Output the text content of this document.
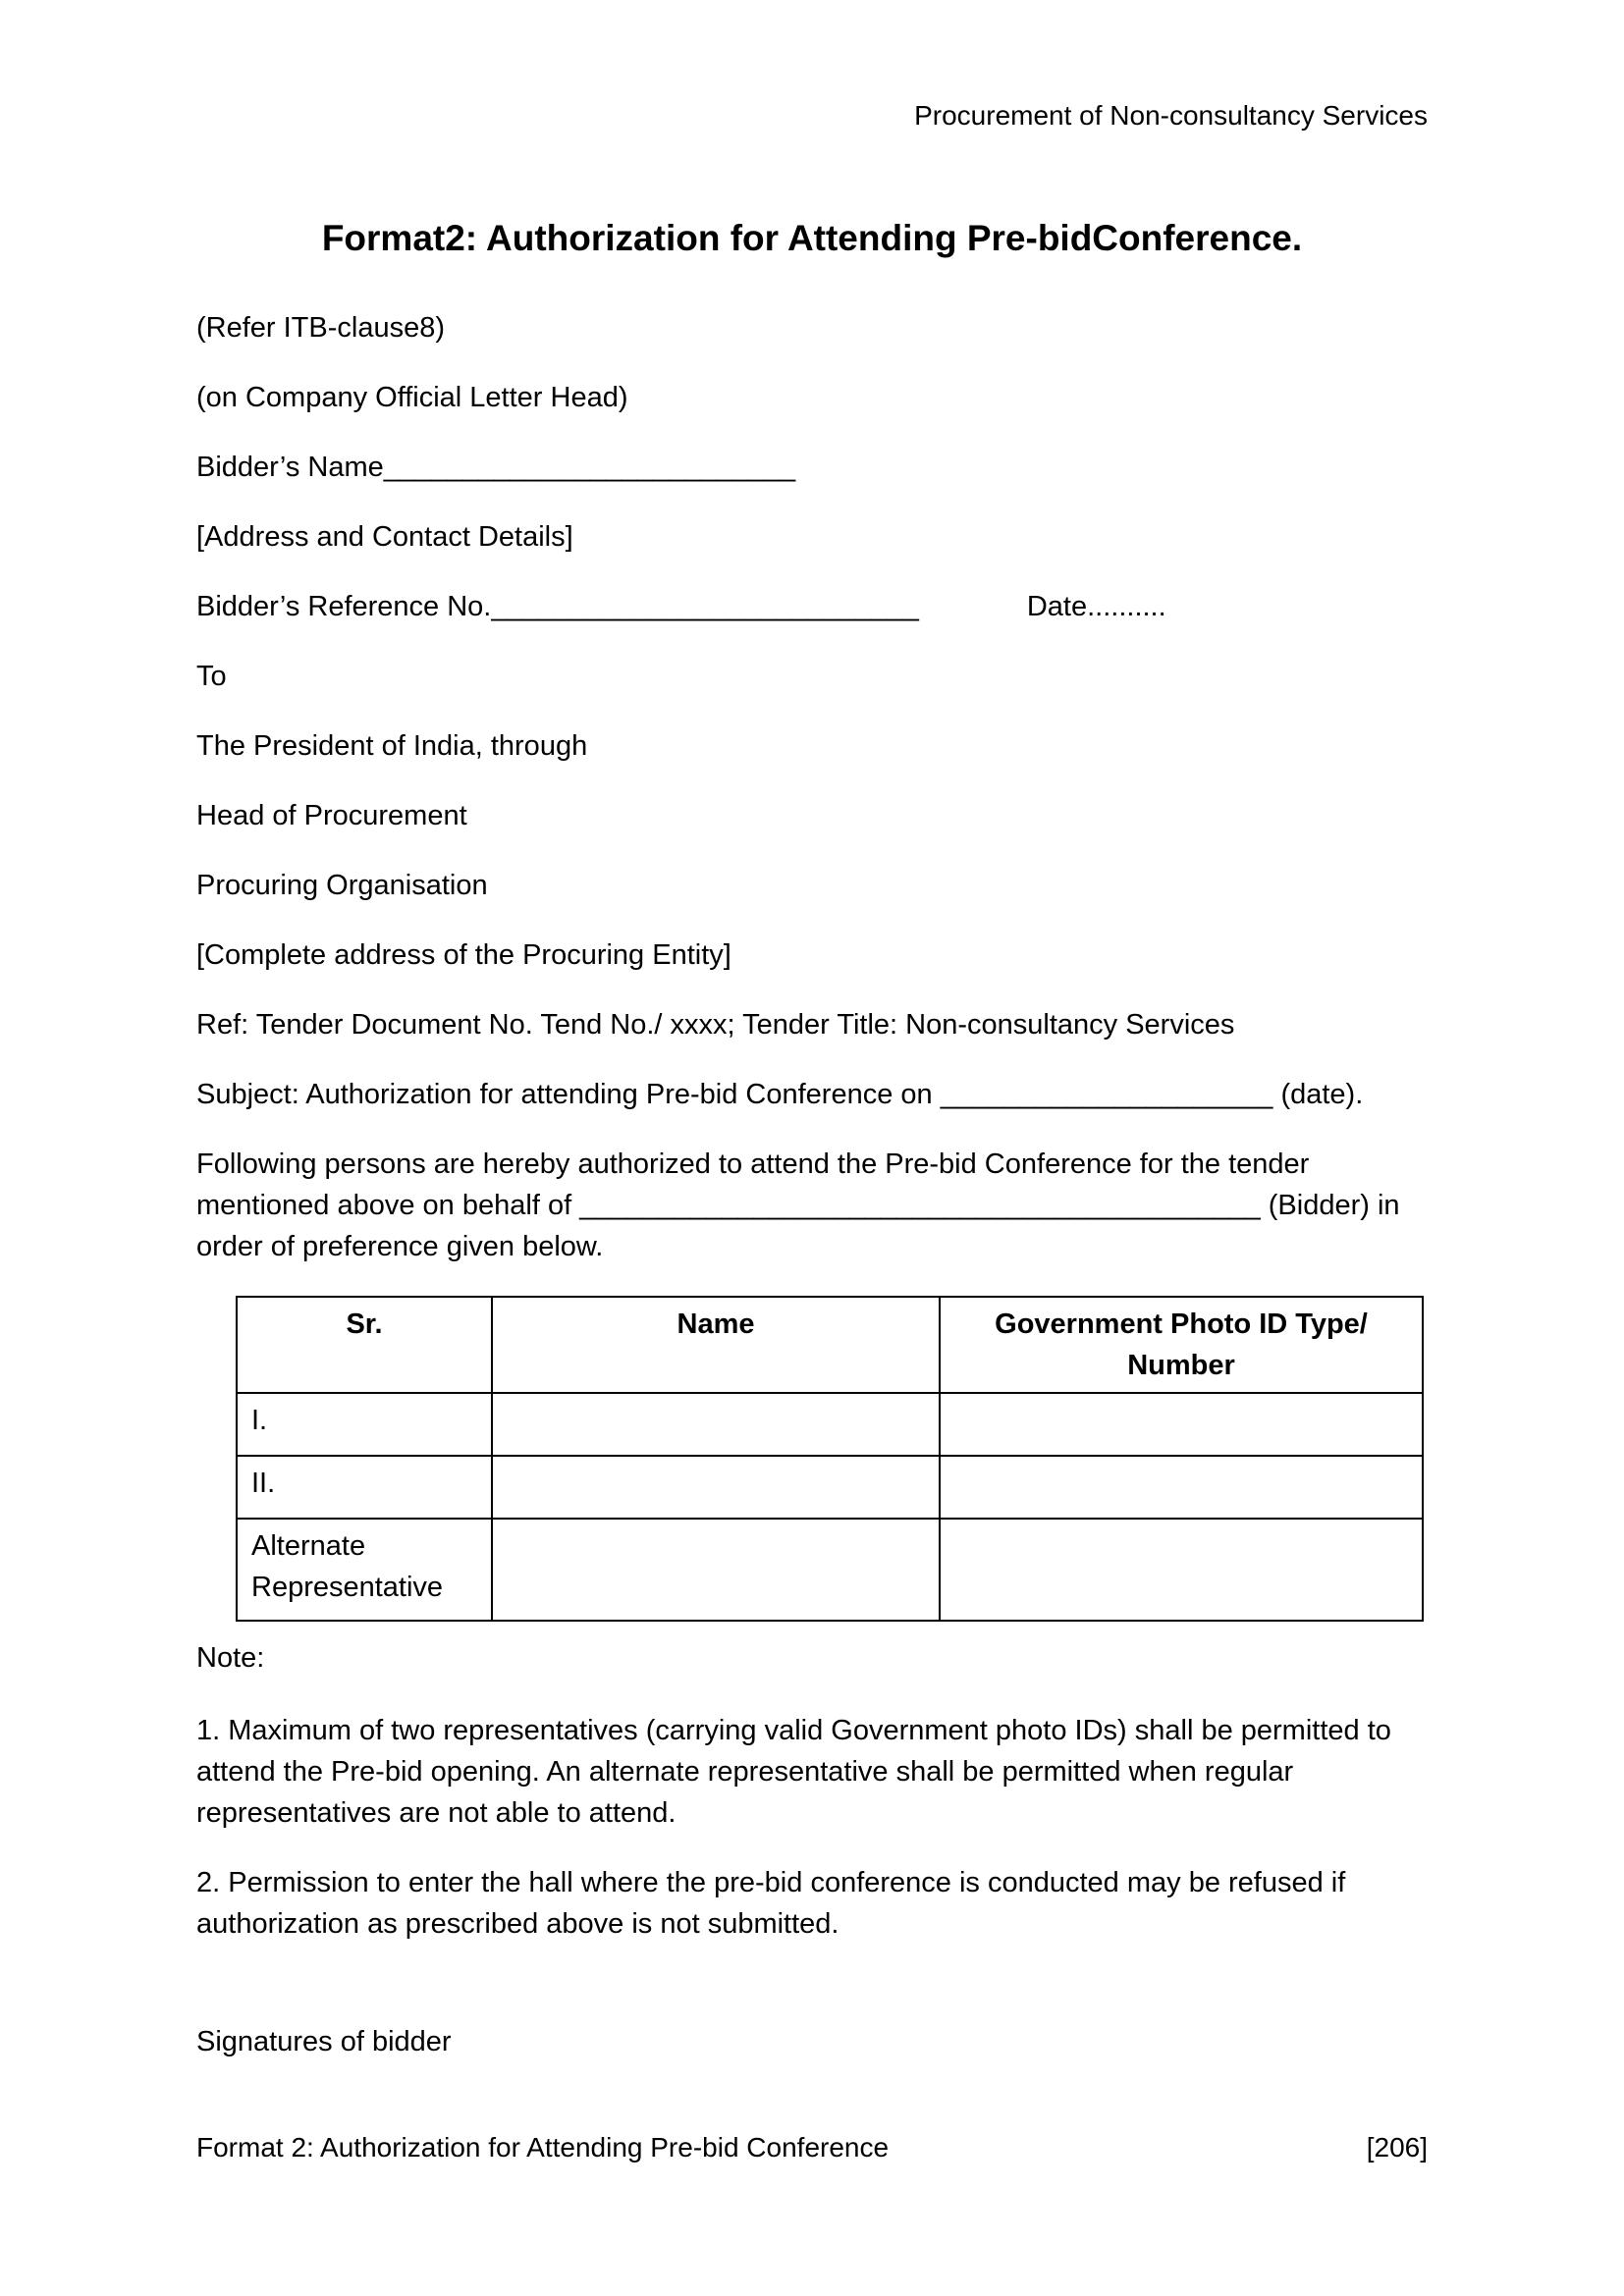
Procurement of Non-consultancy Services
Format2: Authorization for Attending Pre-bidConference.

(Refer ITB-clause8)

(on Company Official Letter Head)

Bidder’s Name__________________________

[Address and Contact Details]

Bidder’s Reference No.___________________________	Date..........

To

The President of India, through

Head of Procurement

Procuring Organisation

[Complete address of the Procuring Entity]

Ref: Tender Document No. Tend No./ xxxx; Tender Title: Non-consultancy Services

Subject: Authorization for attending Pre-bid Conference on _____________________ (date).

Following persons are hereby authorized to attend the Pre-bid Conference for the tender mentioned above on behalf of ___________________________________________ (Bidder) in order of preference given below.

Sr.	Name	Government Photo ID Type/ Number
I.		
II.		
Alternate Representative		

Note:

1. Maximum of two representatives (carrying valid Government photo IDs) shall be permitted to attend the Pre-bid opening. An alternate representative shall be permitted when regular representatives are not able to attend.

2. Permission to enter the hall where the pre-bid conference is conducted may be refused if authorization as prescribed above is not submitted.

Signatures of bidder

Format 2: Authorization for Attending Pre-bid Conference	[206]
